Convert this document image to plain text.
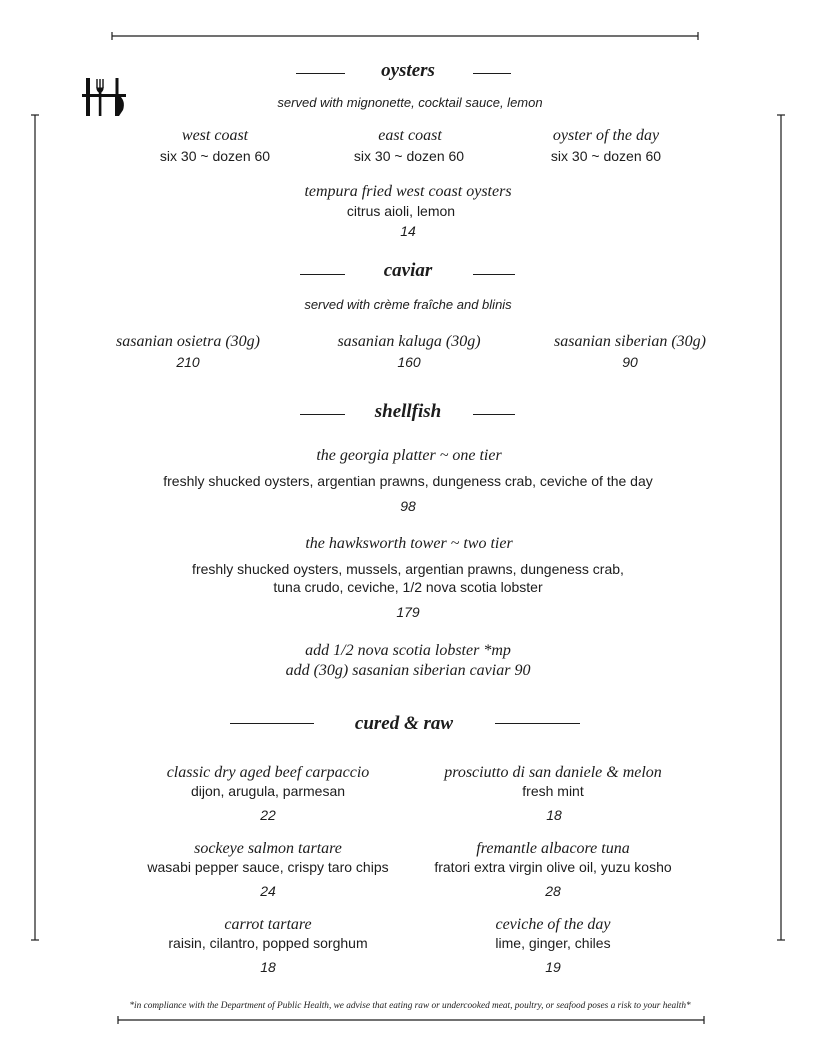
oysters
served with mignonette, cocktail sauce, lemon
west coast
six 30 ~ dozen 60
east coast
six 30 ~ dozen 60
oyster of the day
six 30 ~ dozen 60
tempura fried west coast oysters
citrus aioli, lemon
14
caviar
served with crème fraîche and blinis
sasanian osietra (30g)
210
sasanian kaluga (30g)
160
sasanian siberian (30g)
90
shellfish
the georgia platter ~ one tier
freshly shucked oysters, argentian prawns, dungeness crab, ceviche of the day
98
the hawksworth tower ~ two tier
freshly shucked oysters, mussels, argentian prawns, dungeness crab,
tuna crudo, ceviche, 1/2 nova scotia lobster
179
add 1/2 nova scotia lobster *mp
add (30g) sasanian siberian caviar 90
cured & raw
classic dry aged beef carpaccio
dijon, arugula, parmesan
22
prosciutto di san daniele & melon
fresh mint
18
sockeye salmon tartare
wasabi pepper sauce, crispy taro chips
24
fremantle albacore tuna
fratori extra virgin olive oil, yuzu kosho
28
carrot tartare
raisin, cilantro, popped sorghum
18
ceviche of the day
lime, ginger, chiles
19
*in compliance with the Department of Public Health, we advise that eating raw or undercooked meat, poultry, or seafood poses a risk to your health*
